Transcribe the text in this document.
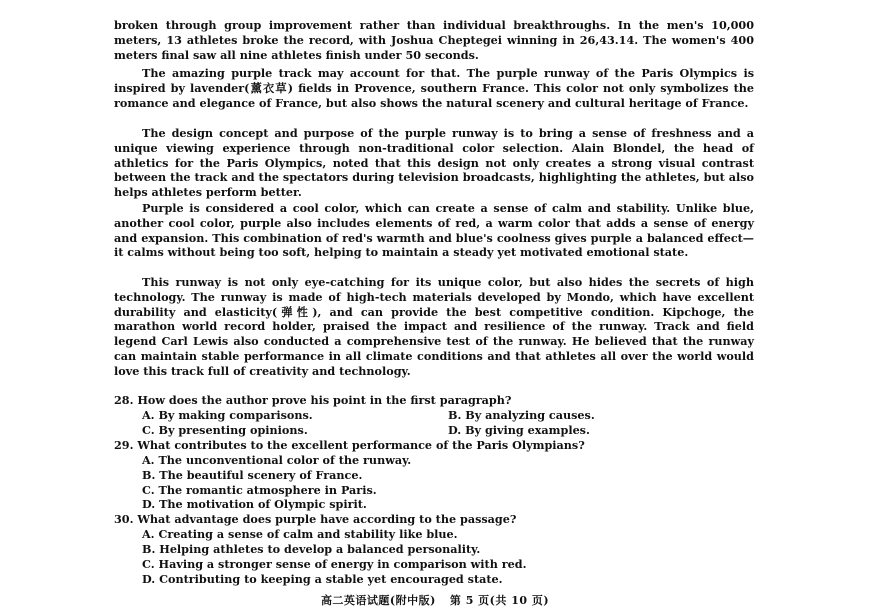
broken through group improvement rather than individual breakthroughs. In the men's 10,000 meters, 13 athletes broke the record, with Joshua Cheptegei winning in 26,43.14. The women's 400 meters final saw all nine athletes finish under 50 seconds.

The amazing purple track may account for that. The purple runway of the Paris Olympics is inspired by lavender(薰衣草) fields in Provence, southern France. This color not only symbolizes the romance and elegance of France, but also shows the natural scenery and cultural heritage of France.

The design concept and purpose of the purple runway is to bring a sense of freshness and a unique viewing experience through non-traditional color selection. Alain Blondel, the head of athletics for the Paris Olympics, noted that this design not only creates a strong visual contrast between the track and the spectators during television broadcasts, highlighting the athletes, but also helps athletes perform better.

Purple is considered a cool color, which can create a sense of calm and stability. Unlike blue, another cool color, purple also includes elements of red, a warm color that adds a sense of energy and expansion. This combination of red's warmth and blue's coolness gives purple a balanced effect—it calms without being too soft, helping to maintain a steady yet motivated emotional state.

This runway is not only eye-catching for its unique color, but also hides the secrets of high technology. The runway is made of high-tech materials developed by Mondo, which have excellent durability and elasticity(弹性), and can provide the best competitive condition. Kipchoge, the marathon world record holder, praised the impact and resilience of the runway. Track and field legend Carl Lewis also conducted a comprehensive test of the runway. He believed that the runway can maintain stable performance in all climate conditions and that athletes all over the world would love this track full of creativity and technology.

28. How does the author prove his point in the first paragraph?

A. By making comparisons.	B. By analyzing causes.

C. By presenting opinions.	D. By giving examples.

29. What contributes to the excellent performance of the Paris Olympians?

A. The unconventional color of the runway.

B. The beautiful scenery of France.

C. The romantic atmosphere in Paris.

D. The motivation of Olympic spirit.

30. What advantage does purple have according to the passage?

A. Creating a sense of calm and stability like blue.

B. Helping athletes to develop a balanced personality.

C. Having a stronger sense of energy in comparison with red.

D. Contributing to keeping a stable yet encouraged state.

高二英语试题(附中版) 第 5 页(共 10 页)
